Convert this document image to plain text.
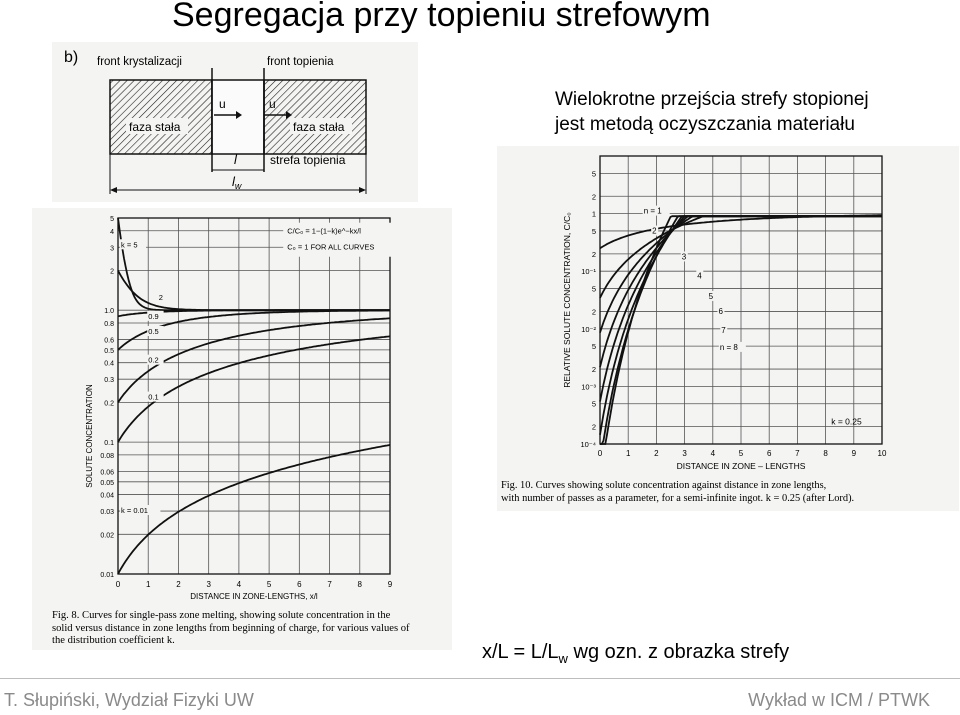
Segregacja przy topieniu strefowym
Wielokrotne przejścia strefy stopionej
jest metodą oczyszczania materiału
b) front krystalizacji	front topienia
faza stała	faza stała
u	u
l	strefa topienia
$l_w$
0	1	2	3	4	5	6	7	8	9
0.01
0.02
0.03
0.04
0.05
0.06
0.08
0.1
0.2
0.3
0.4
0.5
0.6
0.8
1.0
2
3
4
5
DISTANCE IN ZONE-LENGTHS, x/l
SOLUTE CONCENTRATION
k = 5
2
0.9
0.5
0.2
0.1
k = 0.01
C/C₀ = 1−(1−k)e^−kx/l
C₀ = 1 FOR ALL CURVES
Fig. 8. Curves for single-pass zone melting, showing solute concentration in the
solid versus distance in zone lengths from beginning of charge, for various values of
the distribution coefficient k.
0	1	2	3	4	5	6	7	8	9	10
10⁻⁴
2
5
10⁻³
2
5
10⁻²
2
5
10⁻¹
2
5
1
2
5
DISTANCE IN ZONE – LENGTHS
RELATIVE SOLUTE CONCENTRATION, C/C₀
n = 1
2
3
4
5
6
7
n = 8
k = 0.25
Fig. 10. Curves showing solute concentration against distance in zone lengths,
with number of passes as a parameter, for a semi-infinite ingot. k = 0.25 (after Lord).
$x/L = L/L_w$ wg ozn. z obrazka strefy
T. Słupiński, Wydział Fizyki UW	Wykład w ICM / PTWK
